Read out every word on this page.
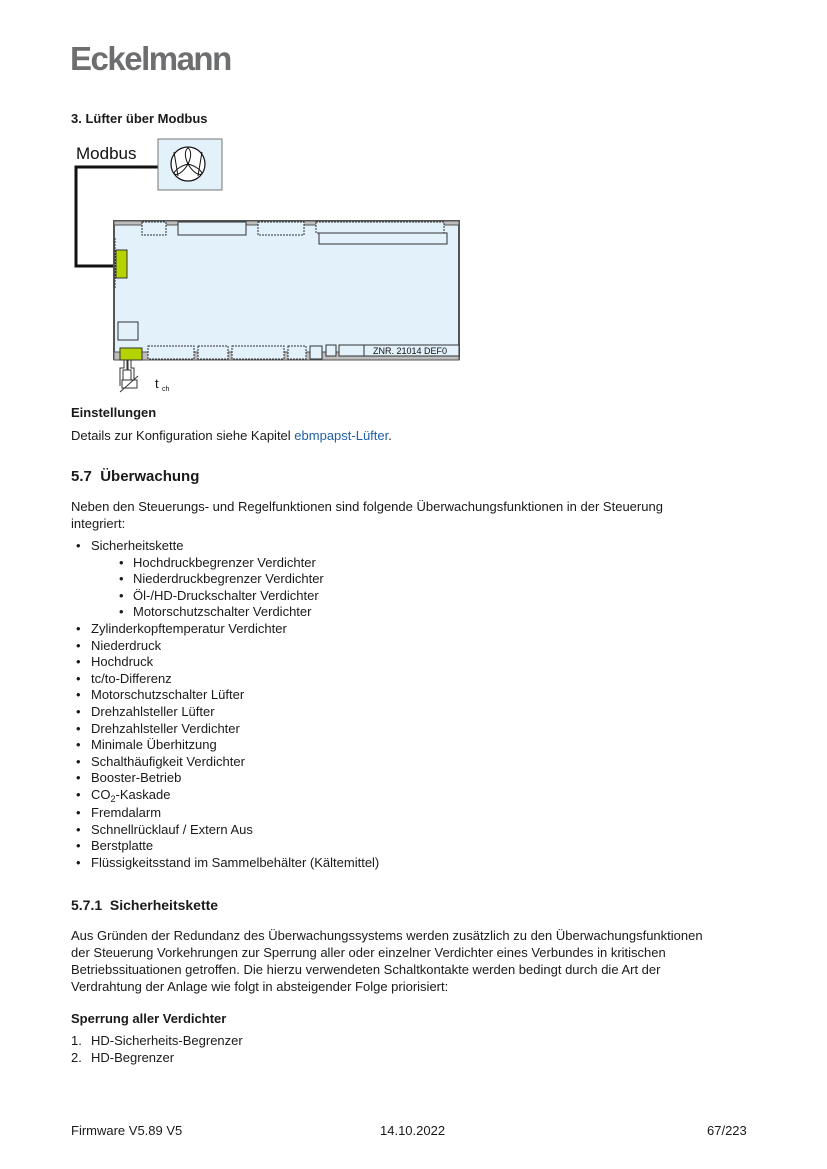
Eckelmann
3. Lüfter über Modbus
Modbus
ZNR. 21014 DEF0
t ch
Einstellungen
Details zur Konfiguration siehe Kapitel ebmpapst-Lüfter.
5.7 Überwachung
Neben den Steuerungs- und Regelfunktionen sind folgende Überwachungsfunktionen in der Steuerung
integriert:
• Sicherheitskette
• Hochdruckbegrenzer Verdichter
• Niederdruckbegrenzer Verdichter
• Öl-/HD-Druckschalter Verdichter
• Motorschutzschalter Verdichter
• Zylinderkopftemperatur Verdichter
• Niederdruck
• Hochdruck
• tc/to-Differenz
• Motorschutzschalter Lüfter
• Drehzahlsteller Lüfter
• Drehzahlsteller Verdichter
• Minimale Überhitzung
• Schalthäufigkeit Verdichter
• Booster-Betrieb
• $CO_2$-Kaskade
• Fremdalarm
• Schnellrücklauf / Extern Aus
• Berstplatte
• Flüssigkeitsstand im Sammelbehälter (Kältemittel)
5.7.1 Sicherheitskette
Aus Gründen der Redundanz des Überwachungssystems werden zusätzlich zu den Überwachungsfunktionen
der Steuerung Vorkehrungen zur Sperrung aller oder einzelner Verdichter eines Verbundes in kritischen
Betriebssituationen getroffen. Die hierzu verwendeten Schaltkontakte werden bedingt durch die Art der
Verdrahtung der Anlage wie folgt in absteigender Folge priorisiert:
Sperrung aller Verdichter
1. HD-Sicherheits-Begrenzer
2. HD-Begrenzer
Firmware V5.89 V5	14.10.2022	67/223
